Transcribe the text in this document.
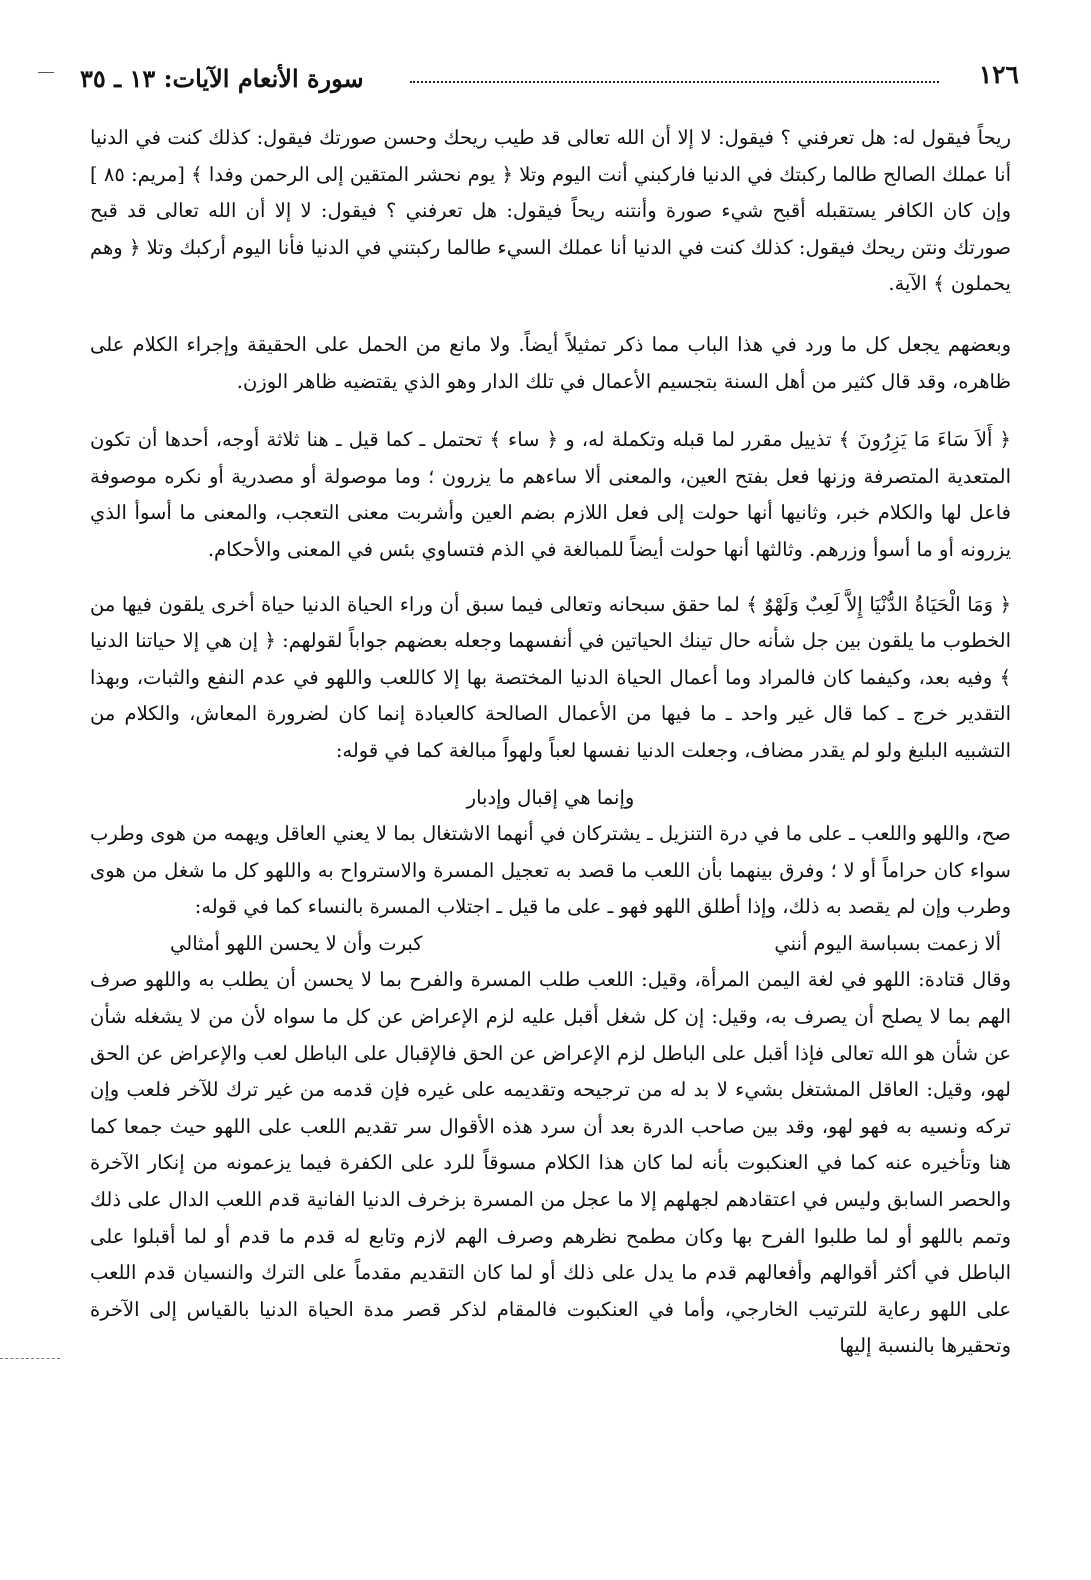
١٢٦
سورة الأنعام الآيات: ١٣ ـ ٣٥

ريحاً فيقول له: هل تعرفني ؟ فيقول: لا إلا أن الله تعالى قد طيب ريحك وحسن صورتك فيقول: كذلك كنت في الدنيا أنا عملك الصالح طالما ركبتك في الدنيا فاركبني أنت اليوم وتلا ﴿ يوم نحشر المتقين إلى الرحمن وفدا ﴾ [مريم: ٨٥ ] وإن كان الكافر يستقبله أقبح شيء صورة وأنتنه ريحاً فيقول: هل تعرفني ؟ فيقول: لا إلا أن الله تعالى قد قبح صورتك ونتن ريحك فيقول: كذلك كنت في الدنيا أنا عملك السيء طالما ركبتني في الدنيا فأنا اليوم أركبك وتلا ﴿ وهم يحملون ﴾ الآية.

وبعضهم يجعل كل ما ورد في هذا الباب مما ذكر تمثيلاً أيضاً. ولا مانع من الحمل على الحقيقة وإجراء الكلام على ظاهره، وقد قال كثير من أهل السنة بتجسيم الأعمال في تلك الدار وهو الذي يقتضيه ظاهر الوزن.

﴿ أَلاَ سَاءَ مَا يَزِرُونَ ﴾ تذييل مقرر لما قبله وتكملة له، و ﴿ ساء ﴾ تحتمل ـ كما قيل ـ هنا ثلاثة أوجه، أحدها أن تكون المتعدية المتصرفة وزنها فعل بفتح العين، والمعنى ألا ساءهم ما يزرون ؛ وما موصولة أو مصدرية أو نكره موصوفة فاعل لها والكلام خبر، وثانيها أنها حولت إلى فعل اللازم بضم العين وأشربت معنى التعجب، والمعنى ما أسوأ الذي يزرونه أو ما أسوأ وزرهم. وثالثها أنها حولت أيضاً للمبالغة في الذم فتساوي بئس في المعنى والأحكام.

﴿ وَمَا الْحَيَاةُ الدُّنْيَا إِلاَّ لَعِبٌ وَلَهْوٌ ﴾ لما حقق سبحانه وتعالى فيما سبق أن وراء الحياة الدنيا حياة أخرى يلقون فيها من الخطوب ما يلقون بين جل شأنه حال تينك الحياتين في أنفسهما وجعله بعضهم جواباً لقولهم: ﴿ إن هي إلا حياتنا الدنيا ﴾ وفيه بعد، وكيفما كان فالمراد وما أعمال الحياة الدنيا المختصة بها إلا كاللعب واللهو في عدم النفع والثبات، وبهذا التقدير خرج ـ كما قال غير واحد ـ ما فيها من الأعمال الصالحة كالعبادة إنما كان لضرورة المعاش، والكلام من التشبيه البليغ ولو لم يقدر مضاف، وجعلت الدنيا نفسها لعباً ولهواً مبالغة كما في قوله:

وإنما هي إقبال وإدبار

صح، واللهو واللعب ـ على ما في درة التنزيل ـ يشتركان في أنهما الاشتغال بما لا يعني العاقل ويهمه من هوى وطرب سواء كان حراماً أو لا ؛ وفرق بينهما بأن اللعب ما قصد به تعجيل المسرة والاسترواح به واللهو كل ما شغل من هوى وطرب وإن لم يقصد به ذلك، وإذا أطلق اللهو فهو ـ على ما قيل ـ اجتلاب المسرة بالنساء كما في قوله:

ألا زعمت بسباسة اليوم أنني
كبرت وأن لا يحسن اللهو أمثالي

وقال قتادة: اللهو في لغة اليمن المرأة، وقيل: اللعب طلب المسرة والفرح بما لا يحسن أن يطلب به واللهو صرف الهم بما لا يصلح أن يصرف به، وقيل: إن كل شغل أقبل عليه لزم الإعراض عن كل ما سواه لأن من لا يشغله شأن عن شأن هو الله تعالى فإذا أقبل على الباطل لزم الإعراض عن الحق فالإقبال على الباطل لعب والإعراض عن الحق لهو، وقيل: العاقل المشتغل بشيء لا بد له من ترجيحه وتقديمه على غيره فإن قدمه من غير ترك للآخر فلعب وإن تركه ونسيه به فهو لهو، وقد بين صاحب الدرة بعد أن سرد هذه الأقوال سر تقديم اللعب على اللهو حيث جمعا كما هنا وتأخيره عنه كما في العنكبوت بأنه لما كان هذا الكلام مسوقاً للرد على الكفرة فيما يزعمونه من إنكار الآخرة والحصر السابق وليس في اعتقادهم لجهلهم إلا ما عجل من المسرة بزخرف الدنيا الفانية قدم اللعب الدال على ذلك وتمم باللهو أو لما طلبوا الفرح بها وكان مطمح نظرهم وصرف الهم لازم وتابع له قدم ما قدم أو لما أقبلوا على الباطل في أكثر أقوالهم وأفعالهم قدم ما يدل على ذلك أو لما كان التقديم مقدماً على الترك والنسيان قدم اللعب على اللهو رعاية للترتيب الخارجي، وأما في العنكبوت فالمقام لذكر قصر مدة الحياة الدنيا بالقياس إلى الآخرة وتحقيرها بالنسبة إليها
